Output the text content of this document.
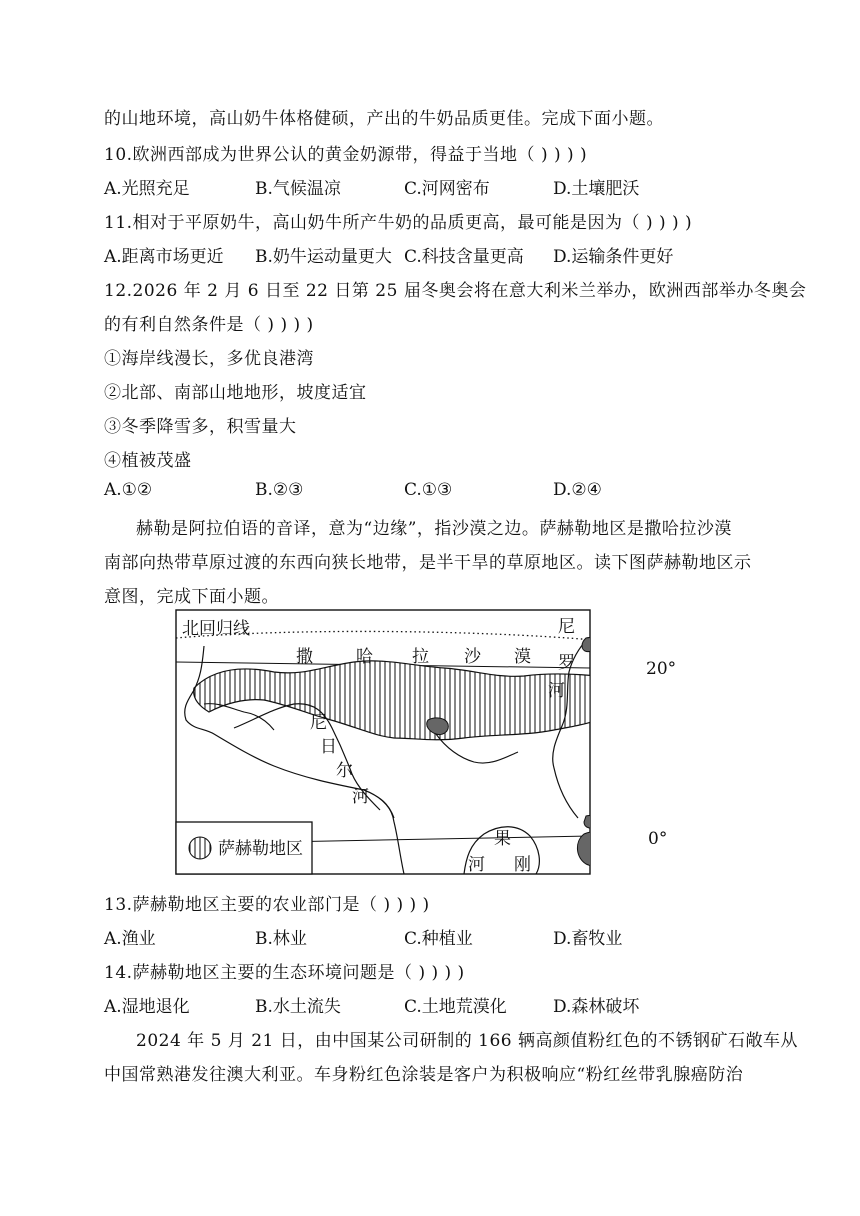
的山地环境，高山奶牛体格健硕，产出的牛奶品质更佳。完成下面小题。
10.欧洲西部成为世界公认的黄金奶源带，得益于当地（ ) ) ) )
A.光照充足	B.气候温凉	C.河网密布	D.土壤肥沃
11.相对于平原奶牛，高山奶牛所产牛奶的品质更高，最可能是因为（ ) ) ) )
A.距离市场更近 B.奶牛运动量更大 C.科技含量更高 D.运输条件更好
12.2026 年 2 月 6 日至 22 日第 25 届冬奥会将在意大利米兰举办，欧洲西部举办冬奥会
的有利自然条件是（ ) ) ) )
①海岸线漫长，多优良港湾
②北部、南部山地地形，坡度适宜
③冬季降雪多，积雪量大
④植被茂盛
A.①②	B.②③	C.①③	D.②④
赫勒是阿拉伯语的音译，意为“边缘”，指沙漠之边。萨赫勒地区是撒哈拉沙漠
南部向热带草原过渡的东西向狭长地带，是半干旱的草原地区。读下图萨赫勒地区示
意图，完成下面小题。
撒	哈 拉 沙 漠
北回归线	尼
罗
河
尼
日
尔
河
果
河 刚
20°
0°
萨赫勒地区
13.萨赫勒地区主要的农业部门是（ ) ) ) )
A.渔业	B.林业	C.种植业	D.畜牧业
14.萨赫勒地区主要的生态环境问题是（ ) ) ) )
A.湿地退化	B.水土流失	C.土地荒漠化	D.森林破坏
2024 年 5 月 21 日，由中国某公司研制的 166 辆高颜值粉红色的不锈钢矿石敞车从
中国常熟港发往澳大利亚。车身粉红色涂装是客户为积极响应“粉红丝带乳腺癌防治
